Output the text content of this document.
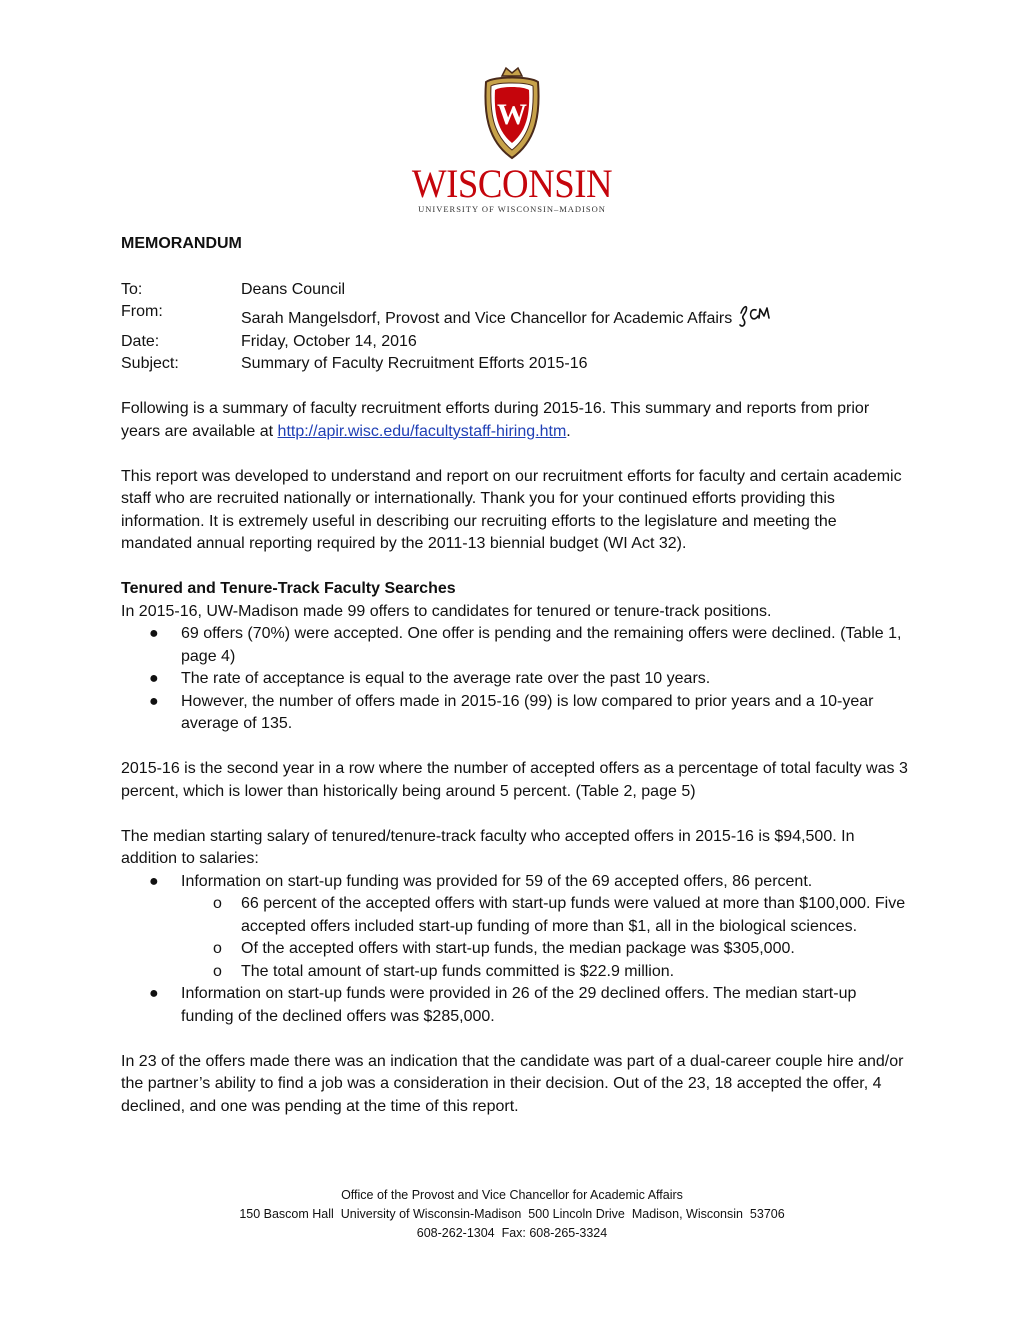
W
WISCONSIN
UNIVERSITY OF WISCONSIN–MADISON
MEMORANDUM
To:	Deans Council
From:	Sarah Mangelsdorf, Provost and Vice Chancellor for Academic Affairs
Date:	Friday, October 14, 2016
Subject:	Summary of Faculty Recruitment Efforts 2015-16

Following is a summary of faculty recruitment efforts during 2015-16. This summary and reports from prior years are available at http://apir.wisc.edu/facultystaff-hiring.htm.

This report was developed to understand and report on our recruitment efforts for faculty and certain academic staff who are recruited nationally or internationally. Thank you for your continued efforts providing this information. It is extremely useful in describing our recruiting efforts to the legislature and meeting the mandated annual reporting required by the 2011-13 biennial budget (WI Act 32).

Tenured and Tenure-Track Faculty Searches

In 2015-16, UW-Madison made 99 offers to candidates for tenured or tenure-track positions.

● 69 offers (70%) were accepted. One offer is pending and the remaining offers were declined. (Table 1, page 4)
● The rate of acceptance is equal to the average rate over the past 10 years.
● However, the number of offers made in 2015-16 (99) is low compared to prior years and a 10-year average of 135.

2015-16 is the second year in a row where the number of accepted offers as a percentage of total faculty was 3 percent, which is lower than historically being around 5 percent. (Table 2, page 5)

The median starting salary of tenured/tenure-track faculty who accepted offers in 2015-16 is $94,500. In addition to salaries:

● Information on start-up funding was provided for 59 of the 69 accepted offers, 86 percent.
o 66 percent of the accepted offers with start-up funds were valued at more than $100,000. Five accepted offers included start-up funding of more than $1, all in the biological sciences.
o Of the accepted offers with start-up funds, the median package was $305,000.
o The total amount of start-up funds committed is $22.9 million.
● Information on start-up funds were provided in 26 of the 29 declined offers. The median start-up funding of the declined offers was $285,000.

In 23 of the offers made there was an indication that the candidate was part of a dual-career couple hire and/or the partner’s ability to find a job was a consideration in their decision. Out of the 23, 18 accepted the offer, 4 declined, and one was pending at the time of this report.

Office of the Provost and Vice Chancellor for Academic Affairs
150 Bascom Hall  University of Wisconsin-Madison  500 Lincoln Drive  Madison, Wisconsin  53706
608-262-1304  Fax: 608-265-3324
